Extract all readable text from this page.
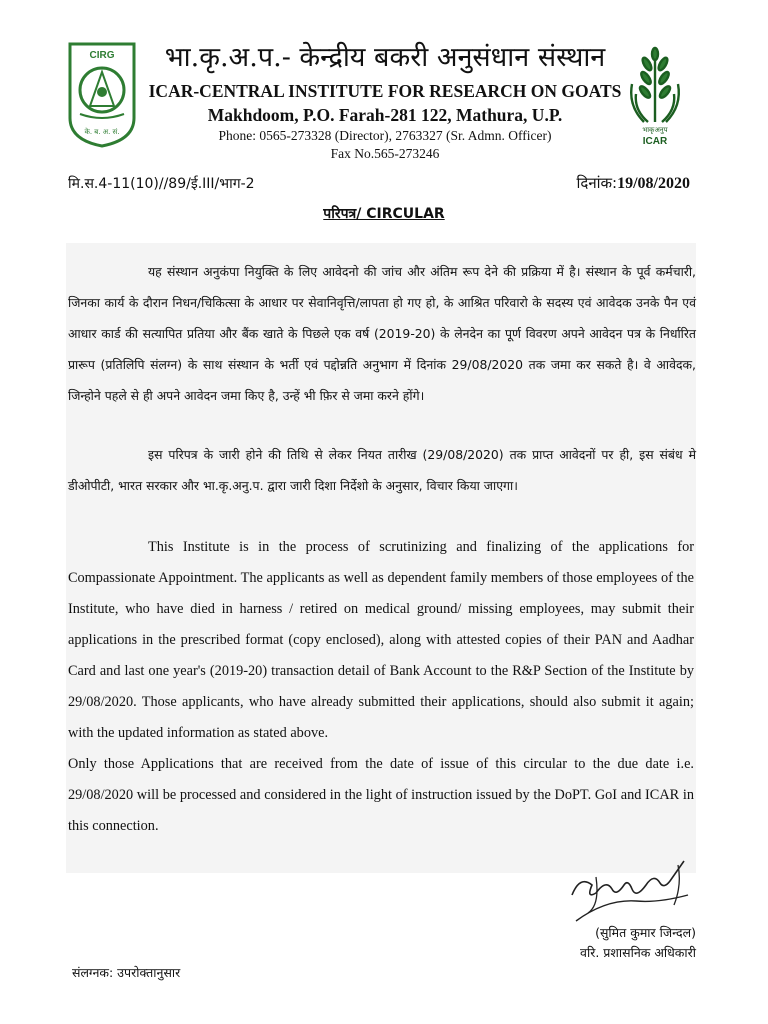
CIRG
के. ब. अ. सं.	भाकृअनुप
ICAR
भा.कृ.अ.प.- केन्द्रीय बकरी अनुसंधान संस्थान
ICAR-CENTRAL INSTITUTE FOR RESEARCH ON GOATS
Makhdoom, P.O. Farah-281 122, Mathura, U.P.
Phone: 0565-273328 (Director), 2763327 (Sr. Admn. Officer)
Fax No.565-273246
मि.स.4-11(10)//89/ई.III/भाग-2	दिनांक:19/08/2020
परिपत्र/ CIRCULAR
यह संस्थान अनुकंपा नियुक्ति के लिए आवेदनो की जांच और अंतिम रूप देने की प्रक्रिया में है। संस्थान के पूर्व कर्मचारी, जिनका कार्य के दौरान निधन/चिकित्सा के आधार पर सेवानिवृत्ति/लापता हो गए हो, के आश्रित परिवारो के सदस्य एवं आवेदक उनके पैन एवं आधार कार्ड की सत्यापित प्रतिया और बैंक खाते के पिछले एक वर्ष (2019-20) के लेनदेन का पूर्ण विवरण अपने आवेदन पत्र के निर्धारित प्रारूप (प्रतिलिपि संलग्न) के साथ संस्थान के भर्ती एवं पद्दोन्नति अनुभाग में दिनांक 29/08/2020 तक जमा कर सकते है। वे आवेदक, जिन्होने पहले से ही अपने आवेदन जमा किए है, उन्हें भी फ़िर से जमा करने होंगे।
इस परिपत्र के जारी होने की तिथि से लेकर नियत तारीख (29/08/2020) तक प्राप्त आवेदनों पर ही, इस संबंध मे डीओपीटी, भारत सरकार और भा.कृ.अनु.प. द्वारा जारी दिशा निर्देशो के अनुसार, विचार किया जाएगा।
This Institute is in the process of scrutinizing and finalizing of the applications for Compassionate Appointment. The applicants as well as dependent family members of those employees of the Institute, who have died in harness / retired on medical ground/ missing employees, may submit their applications in the prescribed format (copy enclosed), along with attested copies of their PAN and Aadhar Card and last one year's (2019-20) transaction detail of Bank Account to the R&P Section of the Institute by 29/08/2020. Those applicants, who have already submitted their applications, should also submit it again; with the updated information as stated above.
Only those Applications that are received from the date of issue of this circular to the due date i.e. 29/08/2020 will be processed and considered in the light of instruction issued by the DoPT. GoI and ICAR in this connection.
(सुमित कुमार जिन्दल)
वरि. प्रशासनिक अधिकारी
संलग्नक: उपरोक्तानुसार
